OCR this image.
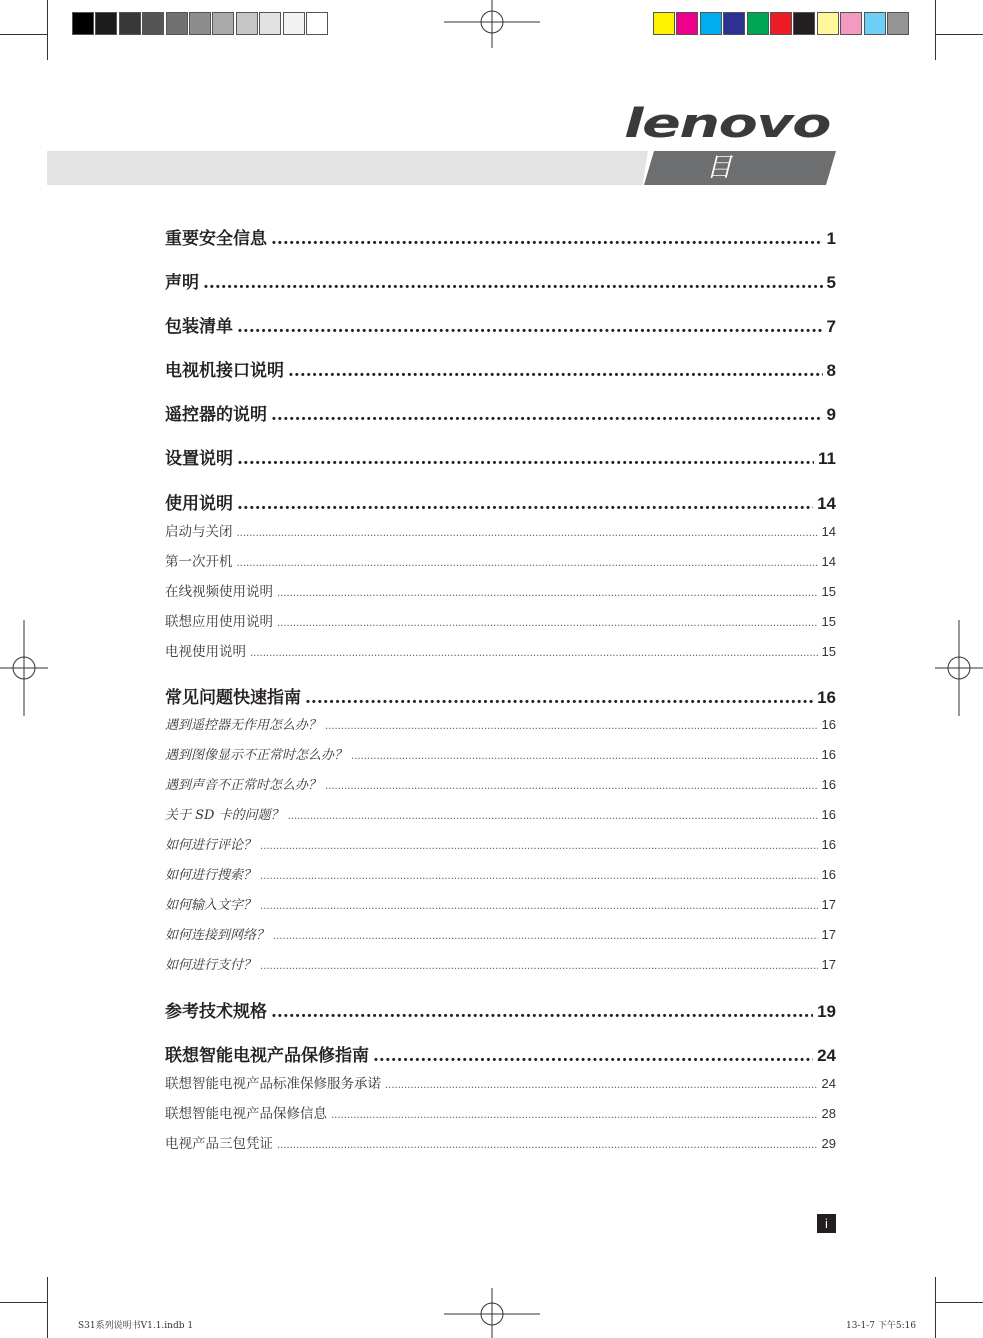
lenovo
目 录
重要安全信息 .....	1
声明 .....	5
包装清单 .....	7
电视机接口说明 .....	8
遥控器的说明 .....	9
设置说明 .....	11
使用说明 .....	14
启动与关闭 .....	14
第一次开机 .....	14
在线视频使用说明 .....	15
联想应用使用说明 .....	15
电视使用说明 .....	15
常见问题快速指南 .....	16
遇到遥控器无作用怎么办？ .....	16
遇到图像显示不正常时怎么办？ .....	16
遇到声音不正常时怎么办？ .....	16
关于 SD 卡的问题？ .....	16
如何进行评论？ .....	16
如何进行搜索？ .....	16
如何输入文字？ .....	17
如何连接到网络？ .....	17
如何进行支付？ .....	17
参考技术规格 .....	19
联想智能电视产品保修指南 .....	24
联想智能电视产品标准保修服务承诺 .....	24
联想智能电视产品保修信息 .....	28
电视产品三包凭证 .....	29
i
S31系列说明书V1.1.indb 1	13-1-7 下午5:16
